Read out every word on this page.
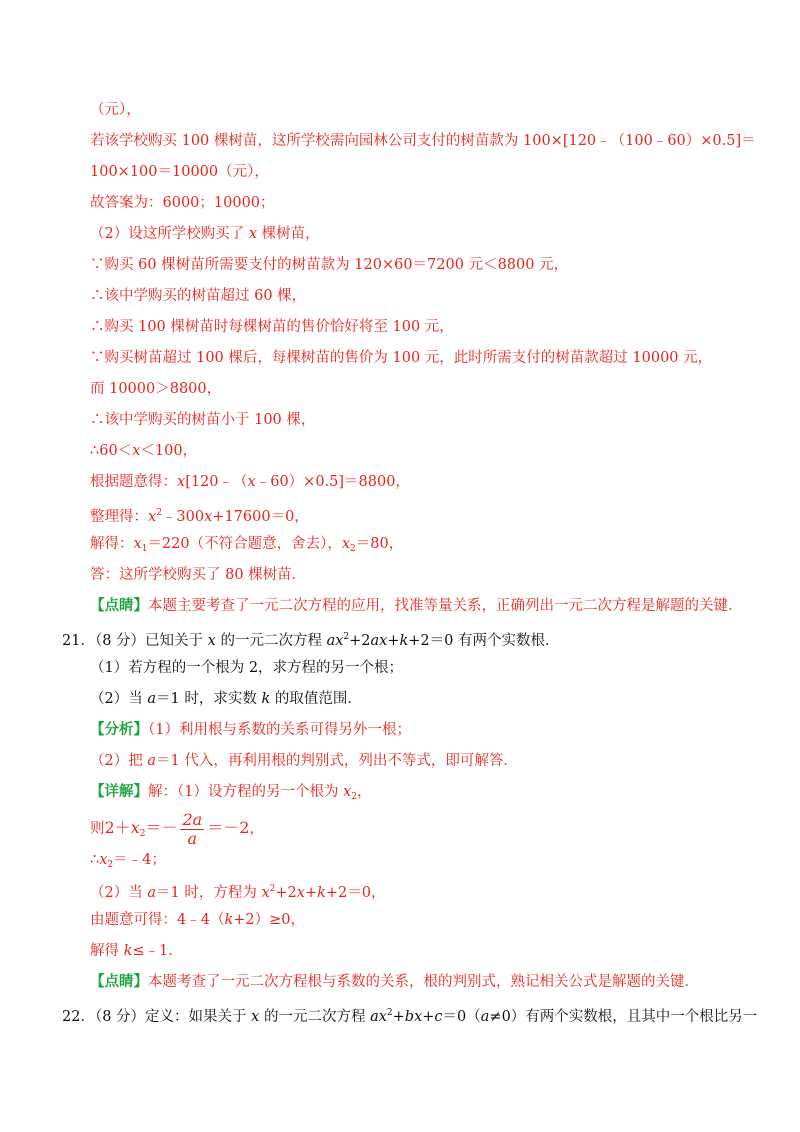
（元），
若该学校购买 100 棵树苗，这所学校需向园林公司支付的树苗款为 100×[120﹣（100﹣60）×0.5]＝
100×100＝10000（元），
故答案为：6000；10000；
（2）设这所学校购买了 x 棵树苗，
∵购买 60 棵树苗所需要支付的树苗款为 120×60＝7200 元＜8800 元，
∴该中学购买的树苗超过 60 棵，
∴购买 100 棵树苗时每棵树苗的售价恰好将至 100 元，
∵购买树苗超过 100 棵后，每棵树苗的售价为 100 元，此时所需支付的树苗款超过 10000 元，
而 10000＞8800，
∴该中学购买的树苗小于 100 棵，
∴60＜x＜100，
根据题意得：x[120﹣（x﹣60）×0.5]＝8800，
整理得：$x^2﹣300x+17600=0$，
解得：$x_1=220$（不符合题意，舍去），$x_2=80$，
答：这所学校购买了 80 棵树苗．
【点睛】本题主要考查了一元二次方程的应用，找准等量关系，正确列出一元二次方程是解题的关键．
21．（8 分）已知关于 x 的一元二次方程 $ax^2+2ax+k+2=0$ 有两个实数根．
（1）若方程的一个根为 2，求方程的另一个根；
（2）当 a＝1 时，求实数 k 的取值范围．
【分析】（1）利用根与系数的关系可得另外一根；
（2）把 a＝1 代入，再利用根的判别式，列出不等式，即可解答．
【详解】解：（1）设方程的另一个根为 $x_2$，
则$2+x_2=- \frac{2a}{a} =-2$，
$\therefore x_2=﹣4$；
（2）当 a＝1 时，方程为 $x^2+2x+k+2=0$，
由题意可得：4﹣4（k+2）≥0，
解得 k≤﹣1．
【点睛】本题考查了一元二次方程根与系数的关系，根的判别式，熟记相关公式是解题的关键．
22．（8 分）定义：如果关于 x 的一元二次方程 $ax^2+bx+c=0(a\ne 0)$有两个实数根，且其中一个根比另一
